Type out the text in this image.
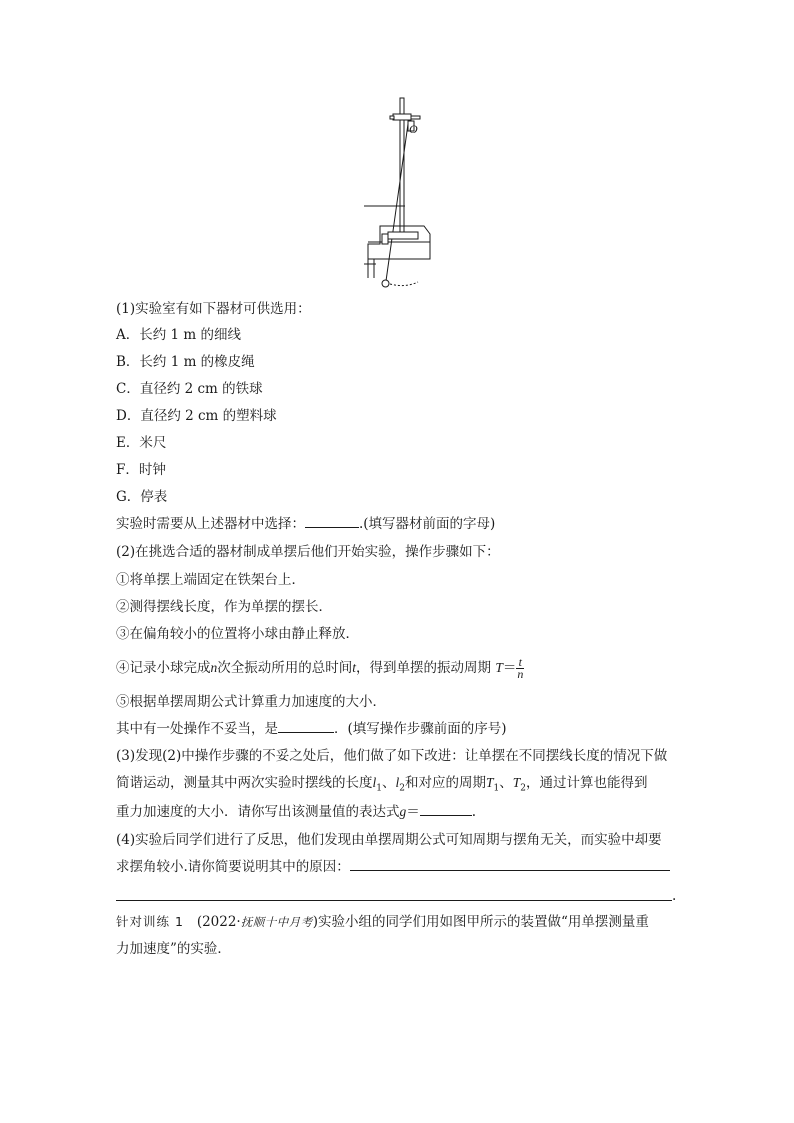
O
(1)实验室有如下器材可供选用：
A．长约 1 m 的细线
B．长约 1 m 的橡皮绳
C．直径约 2 cm 的铁球
D．直径约 2 cm 的塑料球
E．米尺
F．时钟
G．停表
实验时需要从上述器材中选择：	.(填写器材前面的字母)
(2)在挑选合适的器材制成单摆后他们开始实验，操作步骤如下：
①将单摆上端固定在铁架台上．
②测得摆线长度，作为单摆的摆长．
③在偏角较小的位置将小球由静止释放．
④记录小球完成n次全振动所用的总时间t，得到单摆的振动周期 $T= \frac{t}{n}$
⑤根据单摆周期公式计算重力加速度的大小．
其中有一处操作不妥当，是	．(填写操作步骤前面的序号)
(3)发现(2)中操作步骤的不妥之处后，他们做了如下改进：让单摆在不同摆线长度的情况下做
简谐运动，测量其中两次实验时摆线的长度$l_1$、$l_2$和对应的周期$T_1$、$T_2$，通过计算也能得到
重力加速度的大小．请你写出该测量值的表达式g＝	.
(4)实验后同学们进行了反思，他们发现由单摆周期公式可知周期与摆角无关，而实验中却要
求摆角较小.请你简要说明其中的原因：
.
针对训练 1 (2022·抚顺十中月考)实验小组的同学们用如图甲所示的装置做“用单摆测量重
力加速度”的实验．
